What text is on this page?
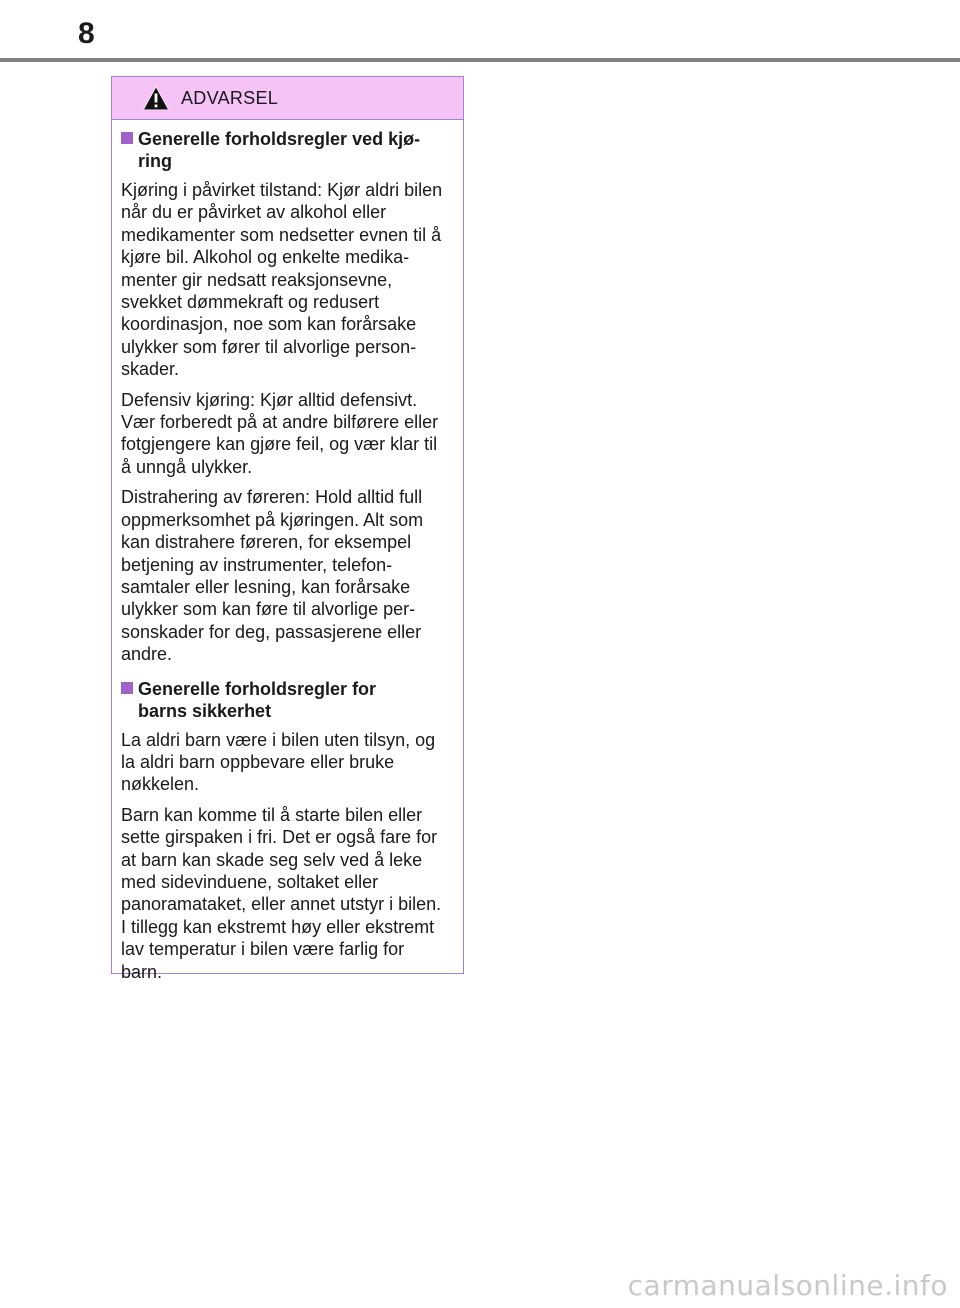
8
ADVARSEL
Generelle forholdsregler ved kjø-
ring

Kjøring i påvirket tilstand: Kjør aldri bilen når du er påvirket av alkohol eller medikamenter som nedsetter evnen til å kjøre bil. Alkohol og enkelte medika-menter gir nedsatt reaksjonsevne, svekket dømmekraft og redusert koordinasjon, noe som kan forårsake ulykker som fører til alvorlige person-skader.

Defensiv kjøring: Kjør alltid defensivt. Vær forberedt på at andre bilførere eller fotgjengere kan gjøre feil, og vær klar til å unngå ulykker.

Distrahering av føreren: Hold alltid full oppmerksomhet på kjøringen. Alt som kan distrahere føreren, for eksempel betjening av instrumenter, telefon-samtaler eller lesning, kan forårsake ulykker som kan føre til alvorlige per-sonskader for deg, passasjerene eller andre.

Generelle forholdsregler for
barns sikkerhet

La aldri barn være i bilen uten tilsyn, og la aldri barn oppbevare eller bruke nøkkelen.

Barn kan komme til å starte bilen eller sette girspaken i fri. Det er også fare for at barn kan skade seg selv ved å leke med sidevinduene, soltaket eller panoramataket, eller annet utstyr i bilen. I tillegg kan ekstremt høy eller ekstremt lav temperatur i bilen være farlig for barn.

carmanualsonline.info
